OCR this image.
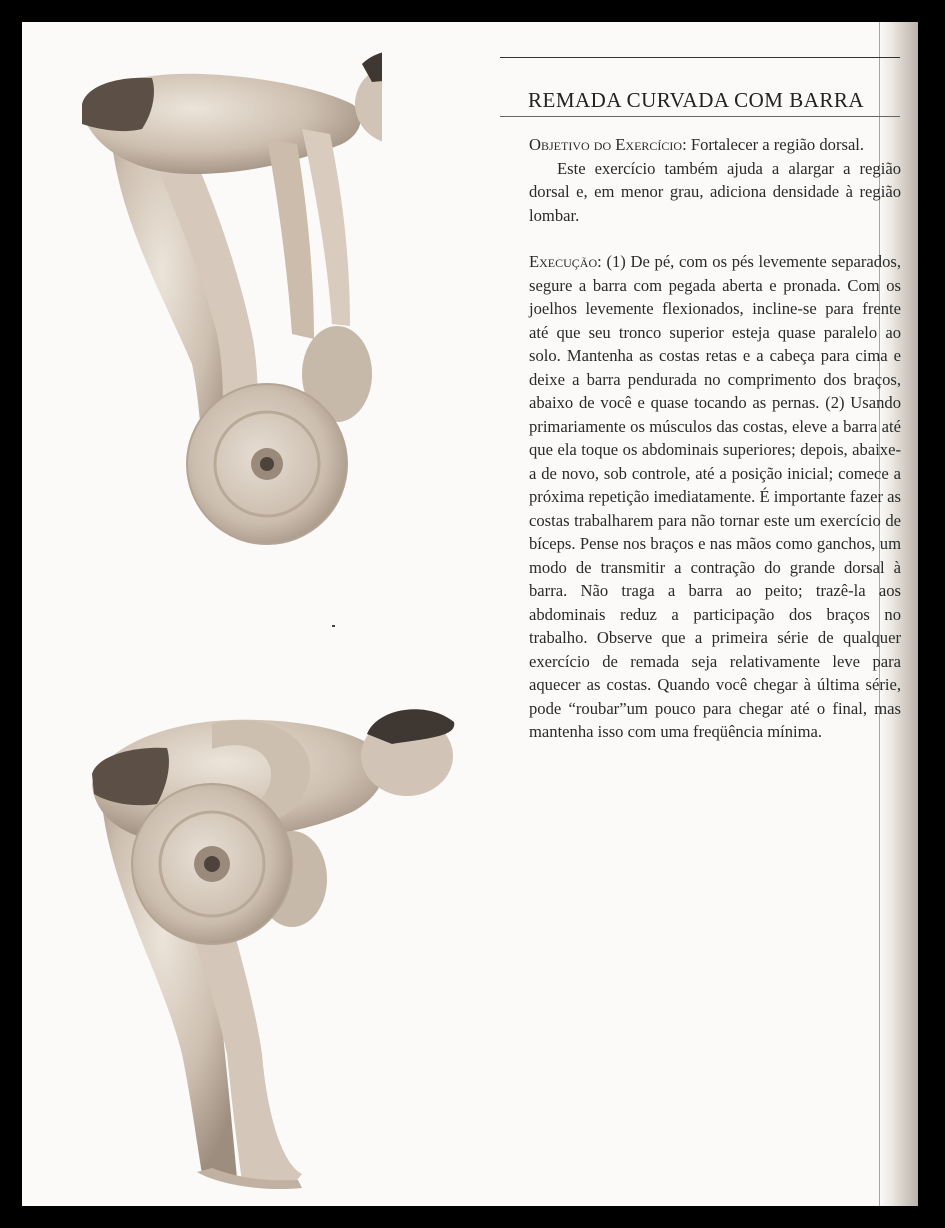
REMADA CURVADA COM BARRA

Objetivo do Exercício: Fortalecer a região dorsal.

Este exercício também ajuda a alargar a região dorsal e, em menor grau, adiciona densidade à região lombar.

Execução: (1) De pé, com os pés levemente separados, segure a barra com pegada aberta e pronada. Com os joelhos levemente flexionados, incline-se para frente até que seu tronco superior esteja quase paralelo ao solo. Mantenha as costas retas e a cabeça para cima e deixe a barra pendurada no comprimento dos braços, abaixo de você e quase tocando as pernas. (2) Usando primariamente os músculos das costas, eleve a barra até que ela toque os abdominais superiores; depois, abaixe-a de novo, sob controle, até a posição inicial; comece a próxima repetição imediatamente. É importante fazer as costas trabalharem para não tornar este um exercício de bíceps. Pense nos braços e nas mãos como ganchos, um modo de transmitir a contração do grande dorsal à barra. Não traga a barra ao peito; trazê-la aos abdominais reduz a participação dos braços no trabalho. Observe que a primeira série de qualquer exercício de remada seja relativamente leve para aquecer as costas. Quando você chegar à última série, pode “roubar”um pouco para chegar até o final, mas mantenha isso com uma freqüência mínima.
